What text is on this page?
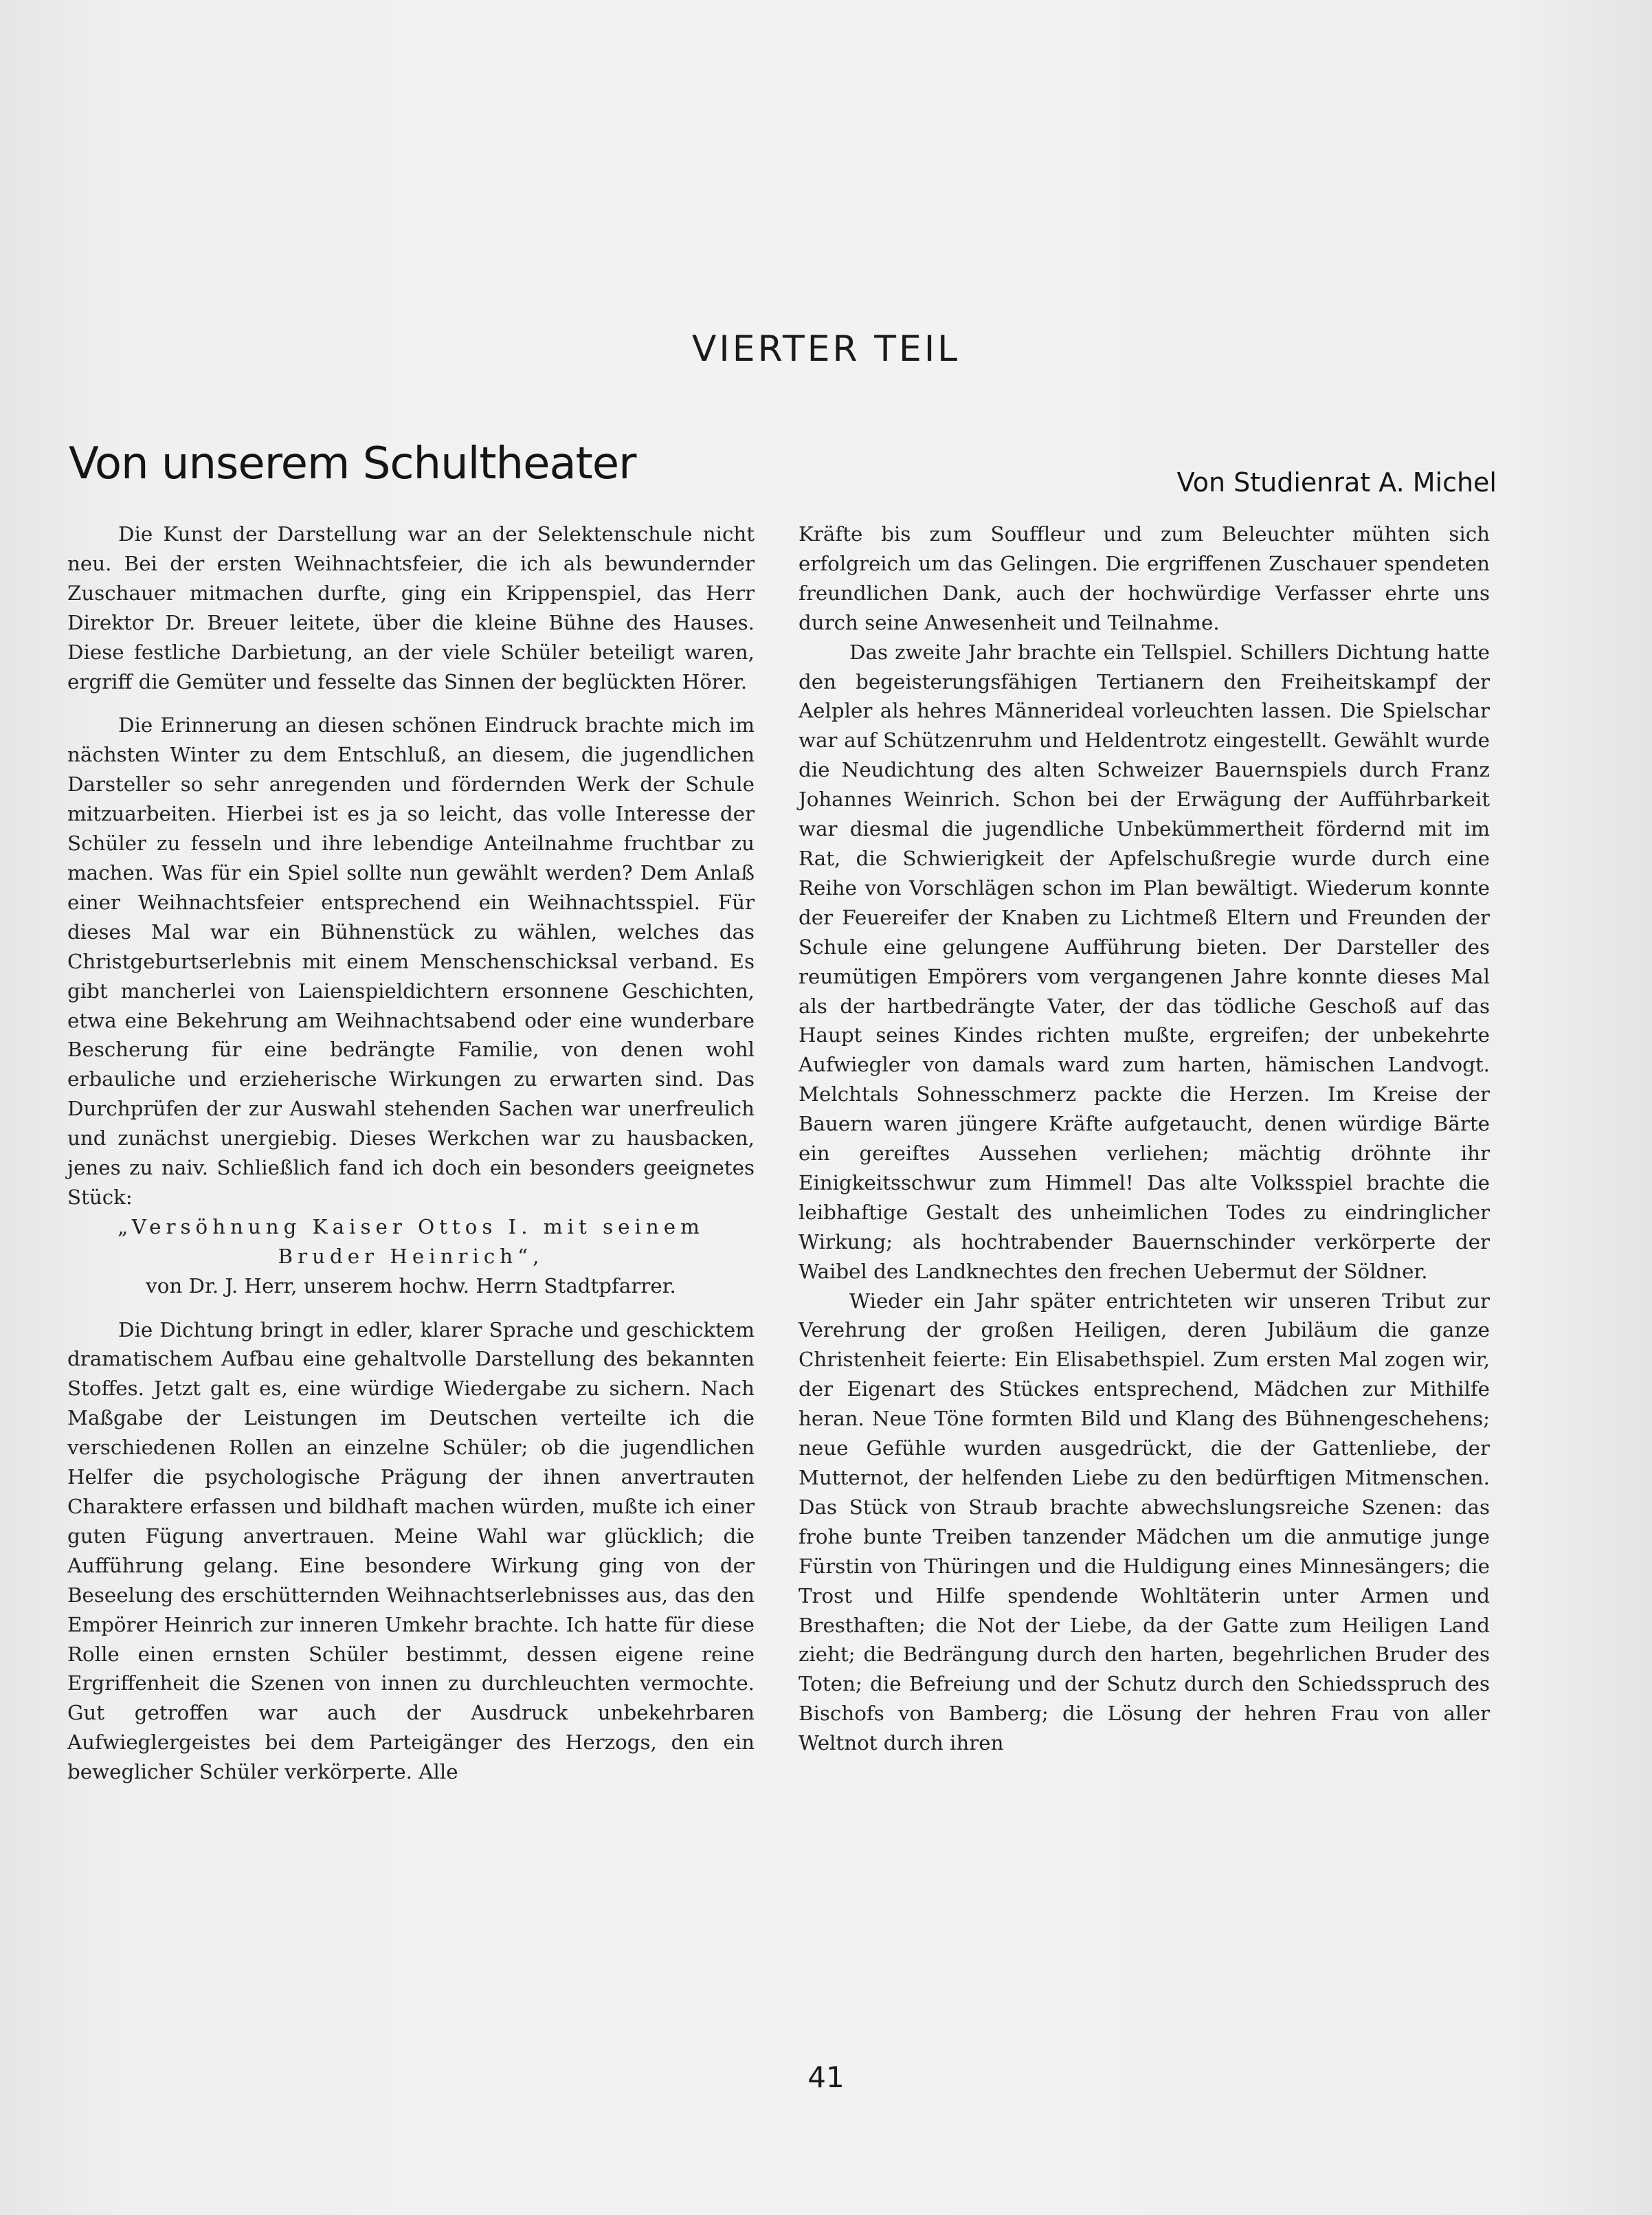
VIERTER TEIL
Von unserem Schultheater	Von Studienrat A. Michel

Die Kunst der Darstellung war an der Selektenschule nicht neu. Bei der ersten Weihnachtsfeier, die ich als bewundernder Zuschauer mitmachen durfte, ging ein Krippenspiel, das Herr Direktor Dr. Breuer leitete, über die kleine Bühne des Hauses. Diese festliche Darbietung, an der viele Schüler beteiligt waren, ergriff die Gemüter und fesselte das Sinnen der beglückten Hörer.

Die Erinnerung an diesen schönen Eindruck brachte mich im nächsten Winter zu dem Entschluß, an diesem, die jugendlichen Darsteller so sehr anregenden und fördernden Werk der Schule mitzuarbeiten. Hierbei ist es ja so leicht, das volle Interesse der Schüler zu fesseln und ihre lebendige Anteilnahme fruchtbar zu machen. Was für ein Spiel sollte nun gewählt werden? Dem Anlaß einer Weihnachtsfeier entsprechend ein Weihnachtsspiel. Für dieses Mal war ein Bühnenstück zu wählen, welches das Christgeburtserlebnis mit einem Menschenschicksal verband. Es gibt mancherlei von Laienspieldichtern ersonnene Geschichten, etwa eine Bekehrung am Weihnachtsabend oder eine wunderbare Bescherung für eine bedrängte Familie, von denen wohl erbauliche und erzieherische Wirkungen zu erwarten sind. Das Durchprüfen der zur Auswahl stehenden Sachen war unerfreulich und zunächst unergiebig. Dieses Werkchen war zu hausbacken, jenes zu naiv. Schließlich fand ich doch ein besonders geeignetes Stück:

„Versöhnung Kaiser Ottos I. mit seinem Bruder Heinrich“,

von Dr. J. Herr, unserem hochw. Herrn Stadtpfarrer.

Die Dichtung bringt in edler, klarer Sprache und geschicktem dramatischem Aufbau eine gehaltvolle Darstellung des bekannten Stoffes. Jetzt galt es, eine würdige Wiedergabe zu sichern. Nach Maßgabe der Leistungen im Deutschen verteilte ich die verschiedenen Rollen an einzelne Schüler; ob die jugendlichen Helfer die psychologische Prägung der ihnen anvertrauten Charaktere erfassen und bildhaft machen würden, mußte ich einer guten Fügung anvertrauen. Meine Wahl war glücklich; die Aufführung gelang. Eine besondere Wirkung ging von der Beseelung des erschütternden Weihnachtserlebnisses aus, das den Empörer Heinrich zur inneren Umkehr brachte. Ich hatte für diese Rolle einen ernsten Schüler bestimmt, dessen eigene reine Ergriffenheit die Szenen von innen zu durchleuchten vermochte. Gut getroffen war auch der Ausdruck unbekehrbaren Aufwieglergeistes bei dem Parteigänger des Herzogs, den ein beweglicher Schüler verkörperte. Alle

Kräfte bis zum Souffleur und zum Beleuchter mühten sich erfolgreich um das Gelingen. Die ergriffenen Zuschauer spendeten freundlichen Dank, auch der hochwürdige Verfasser ehrte uns durch seine Anwesenheit und Teilnahme.

Das zweite Jahr brachte ein Tellspiel. Schillers Dichtung hatte den begeisterungsfähigen Tertianern den Freiheitskampf der Aelpler als hehres Männerideal vorleuchten lassen. Die Spielschar war auf Schützenruhm und Heldentrotz eingestellt. Gewählt wurde die Neudichtung des alten Schweizer Bauernspiels durch Franz Johannes Weinrich. Schon bei der Erwägung der Aufführbarkeit war diesmal die jugendliche Unbekümmertheit fördernd mit im Rat, die Schwierigkeit der Apfelschußregie wurde durch eine Reihe von Vorschlägen schon im Plan bewältigt. Wiederum konnte der Feuereifer der Knaben zu Lichtmeß Eltern und Freunden der Schule eine gelungene Aufführung bieten. Der Darsteller des reumütigen Empörers vom vergangenen Jahre konnte dieses Mal als der hartbedrängte Vater, der das tödliche Geschoß auf das Haupt seines Kindes richten mußte, ergreifen; der unbekehrte Aufwiegler von damals ward zum harten, hämischen Landvogt. Melchtals Sohnesschmerz packte die Herzen. Im Kreise der Bauern waren jüngere Kräfte aufgetaucht, denen würdige Bärte ein gereiftes Aussehen verliehen; mächtig dröhnte ihr Einigkeitsschwur zum Himmel! Das alte Volksspiel brachte die leibhaftige Gestalt des unheimlichen Todes zu eindringlicher Wirkung; als hochtrabender Bauernschinder verkörperte der Waibel des Landknechtes den frechen Uebermut der Söldner.

Wieder ein Jahr später entrichteten wir unseren Tribut zur Verehrung der großen Heiligen, deren Jubiläum die ganze Christenheit feierte: Ein Elisabethspiel. Zum ersten Mal zogen wir, der Eigenart des Stückes entsprechend, Mädchen zur Mithilfe heran. Neue Töne formten Bild und Klang des Bühnengeschehens; neue Gefühle wurden ausgedrückt, die der Gattenliebe, der Mutternot, der helfenden Liebe zu den bedürftigen Mitmenschen. Das Stück von Straub brachte abwechslungsreiche Szenen: das frohe bunte Treiben tanzender Mädchen um die anmutige junge Fürstin von Thüringen und die Huldigung eines Minnesängers; die Trost und Hilfe spendende Wohltäterin unter Armen und Bresthaften; die Not der Liebe, da der Gatte zum Heiligen Land zieht; die Bedrängung durch den harten, begehrlichen Bruder des Toten; die Befreiung und der Schutz durch den Schiedsspruch des Bischofs von Bamberg; die Lösung der hehren Frau von aller Weltnot durch ihren

41
